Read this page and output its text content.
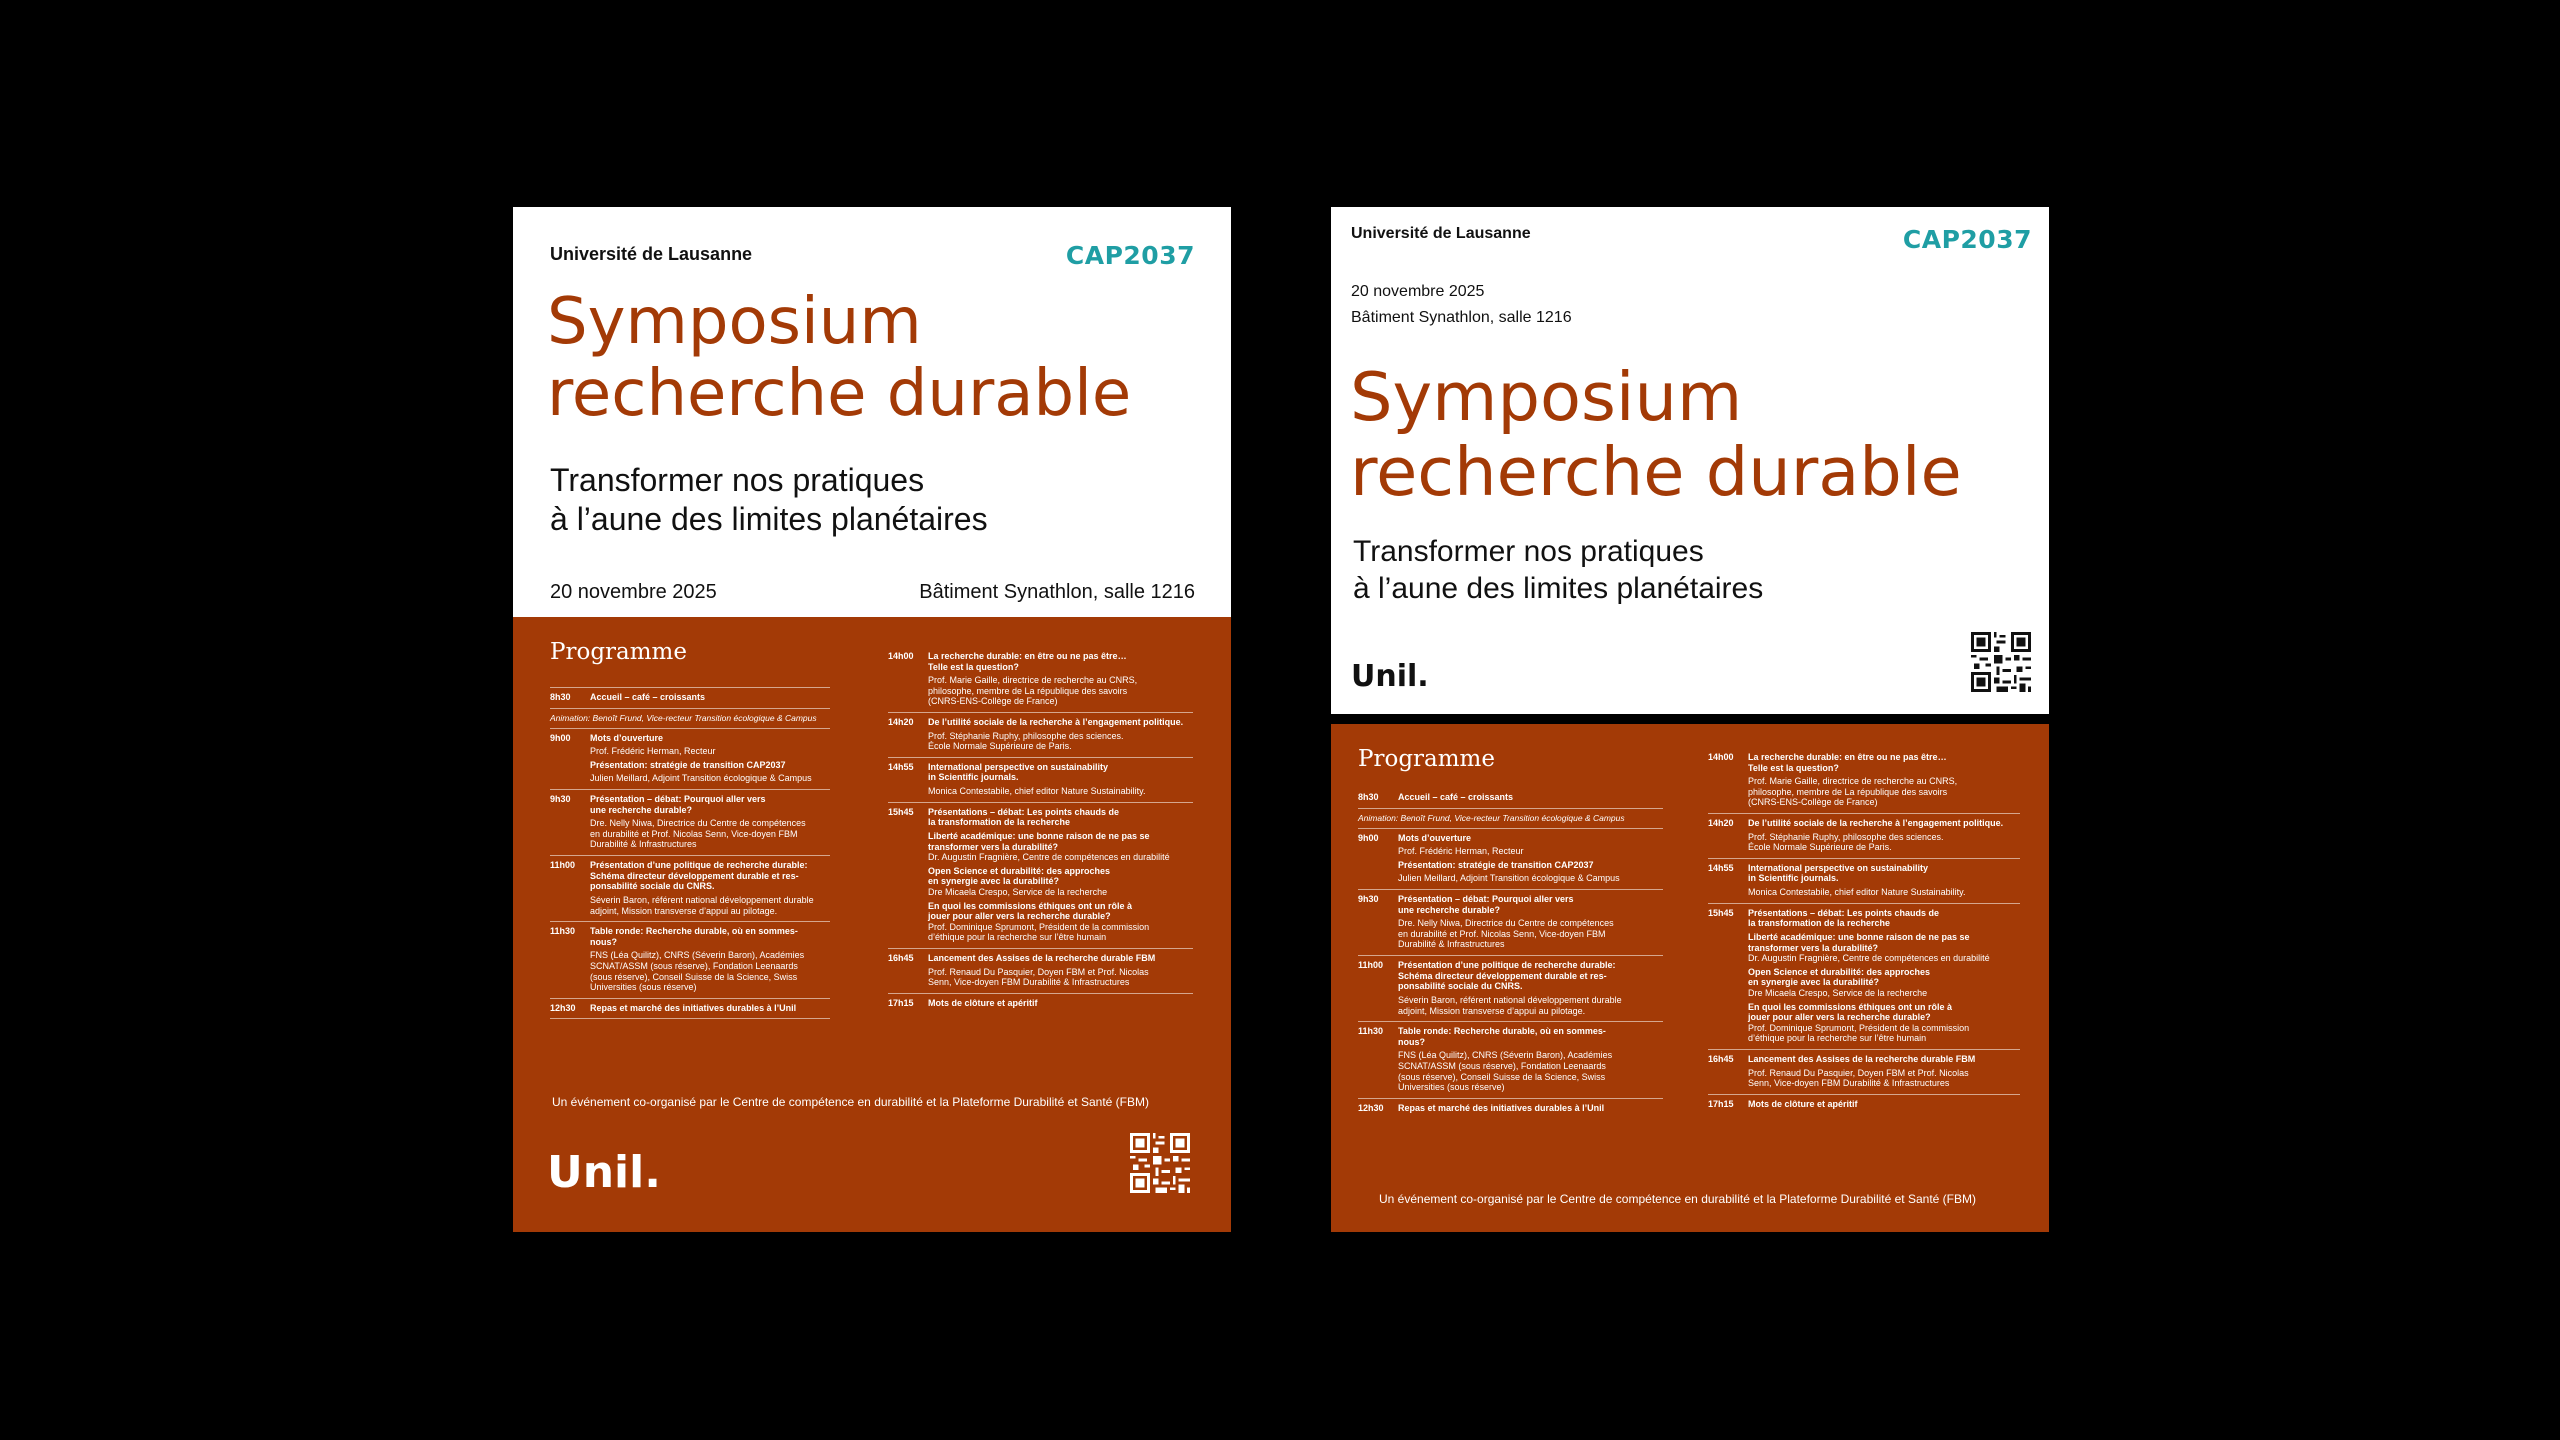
Université de Lausanne	CAP2037

Symposium
recherche durable
Transformer nos pratiques
à l’aune des limites planétaires

20 novembre 2025	Bâtiment Synathlon, salle 1216

Programme

8h30	Accueil – café – croissants
Animation: Benoît Frund, Vice-recteur Transition écologique & Campus
9h00	Mots d’ouverture
Prof. Frédéric Herman, Recteur
Présentation: stratégie de transition CAP2037
Julien Meillard, Adjoint Transition écologique & Campus
9h30	Présentation – débat: Pourquoi aller vers
une recherche durable?
Dre. Nelly Niwa, Directrice du Centre de compétences
en durabilité et Prof. Nicolas Senn, Vice-doyen FBM
Durabilité & Infrastructures
11h00	Présentation d’une politique de recherche durable:
Schéma directeur développement durable et res-
ponsabilité sociale du CNRS.
Séverin Baron, référent national développement durable
adjoint, Mission transverse d’appui au pilotage.
11h30	Table ronde: Recherche durable, où en sommes-
nous?
FNS (Léa Quilitz), CNRS (Séverin Baron), Académies
SCNAT/ASSM (sous réserve), Fondation Leenaards
(sous réserve), Conseil Suisse de la Science, Swiss
Universities (sous réserve)
12h30	Repas et marché des initiatives durables à l’Unil
14h00	La recherche durable: en être ou ne pas être…
Telle est la question?
Prof. Marie Gaille, directrice de recherche au CNRS,
philosophe, membre de La république des savoirs
(CNRS-ENS-Collège de France)
14h20	De l’utilité sociale de la recherche à l’engagement politique.
Prof. Stéphanie Ruphy, philosophe des sciences.
École Normale Supérieure de Paris.
14h55	International perspective on sustainability
in Scientific journals.
Monica Contestabile, chief editor Nature Sustainability.
15h45	Présentations – débat: Les points chauds de
la transformation de la recherche
Liberté académique: une bonne raison de ne pas se
transformer vers la durabilité?
Dr. Augustin Fragnière, Centre de compétences en durabilité
Open Science et durabilité: des approches
en synergie avec la durabilité?
Dre Micaela Crespo, Service de la recherche
En quoi les commissions éthiques ont un rôle à
jouer pour aller vers la recherche durable?
Prof. Dominique Sprumont, Président de la commission
d’éthique pour la recherche sur l’être humain
16h45	Lancement des Assises de la recherche durable FBM
Prof. Renaud Du Pasquier, Doyen FBM et Prof. Nicolas
Senn, Vice-doyen FBM Durabilité & Infrastructures
17h15	Mots de clôture et apéritif

Un événement co-organisé par le Centre de compétence en durabilité et la Plateforme Durabilité et Santé (FBM)

Unil.

Université de Lausanne	CAP2037

20 novembre 2025
Bâtiment Synathlon, salle 1216
Symposium
recherche durable
Transformer nos pratiques
à l’aune des limites planétaires

Unil.

Programme

8h30	Accueil – café – croissants
Animation: Benoît Frund, Vice-recteur Transition écologique & Campus
9h00	Mots d’ouverture
Prof. Frédéric Herman, Recteur
Présentation: stratégie de transition CAP2037
Julien Meillard, Adjoint Transition écologique & Campus
9h30	Présentation – débat: Pourquoi aller vers
une recherche durable?
Dre. Nelly Niwa, Directrice du Centre de compétences
en durabilité et Prof. Nicolas Senn, Vice-doyen FBM
Durabilité & Infrastructures
11h00	Présentation d’une politique de recherche durable:
Schéma directeur développement durable et res-
ponsabilité sociale du CNRS.
Séverin Baron, référent national développement durable
adjoint, Mission transverse d’appui au pilotage.
11h30	Table ronde: Recherche durable, où en sommes-
nous?
FNS (Léa Quilitz), CNRS (Séverin Baron), Académies
SCNAT/ASSM (sous réserve), Fondation Leenaards
(sous réserve), Conseil Suisse de la Science, Swiss
Universities (sous réserve)
12h30	Repas et marché des initiatives durables à l’Unil
14h00	La recherche durable: en être ou ne pas être…
Telle est la question?
Prof. Marie Gaille, directrice de recherche au CNRS,
philosophe, membre de La république des savoirs
(CNRS-ENS-Collège de France)
14h20	De l’utilité sociale de la recherche à l’engagement politique.
Prof. Stéphanie Ruphy, philosophe des sciences.
École Normale Supérieure de Paris.
14h55	International perspective on sustainability
in Scientific journals.
Monica Contestabile, chief editor Nature Sustainability.
15h45	Présentations – débat: Les points chauds de
la transformation de la recherche
Liberté académique: une bonne raison de ne pas se
transformer vers la durabilité?
Dr. Augustin Fragnière, Centre de compétences en durabilité
Open Science et durabilité: des approches
en synergie avec la durabilité?
Dre Micaela Crespo, Service de la recherche
En quoi les commissions éthiques ont un rôle à
jouer pour aller vers la recherche durable?
Prof. Dominique Sprumont, Président de la commission
d’éthique pour la recherche sur l’être humain
16h45	Lancement des Assises de la recherche durable FBM
Prof. Renaud Du Pasquier, Doyen FBM et Prof. Nicolas
Senn, Vice-doyen FBM Durabilité & Infrastructures
17h15	Mots de clôture et apéritif

Un événement co-organisé par le Centre de compétence en durabilité et la Plateforme Durabilité et Santé (FBM)
